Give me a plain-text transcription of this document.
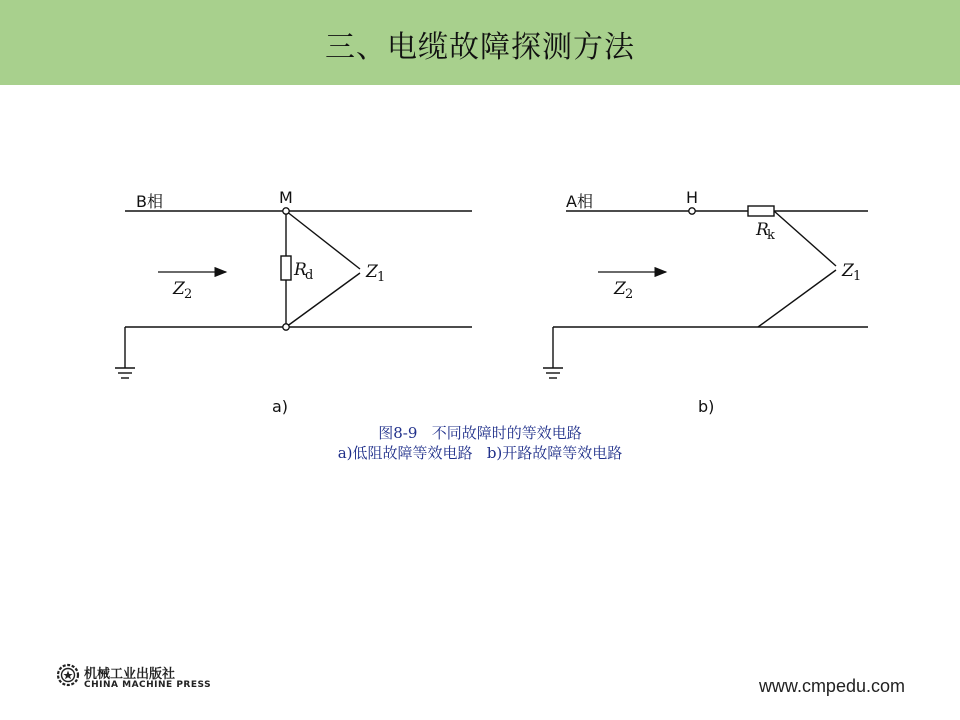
三、电缆故障探测方法
B相	M
R
d	Z 1
Z 2
a)
A相	H
R
k
Z 1
Z 2
b)
图8-9   不同故障时的等效电路
a)低阻故障等效电路   b)开路故障等效电路
机械工业出版社
CHINA MACHINE PRESS	www.cmpedu.com
